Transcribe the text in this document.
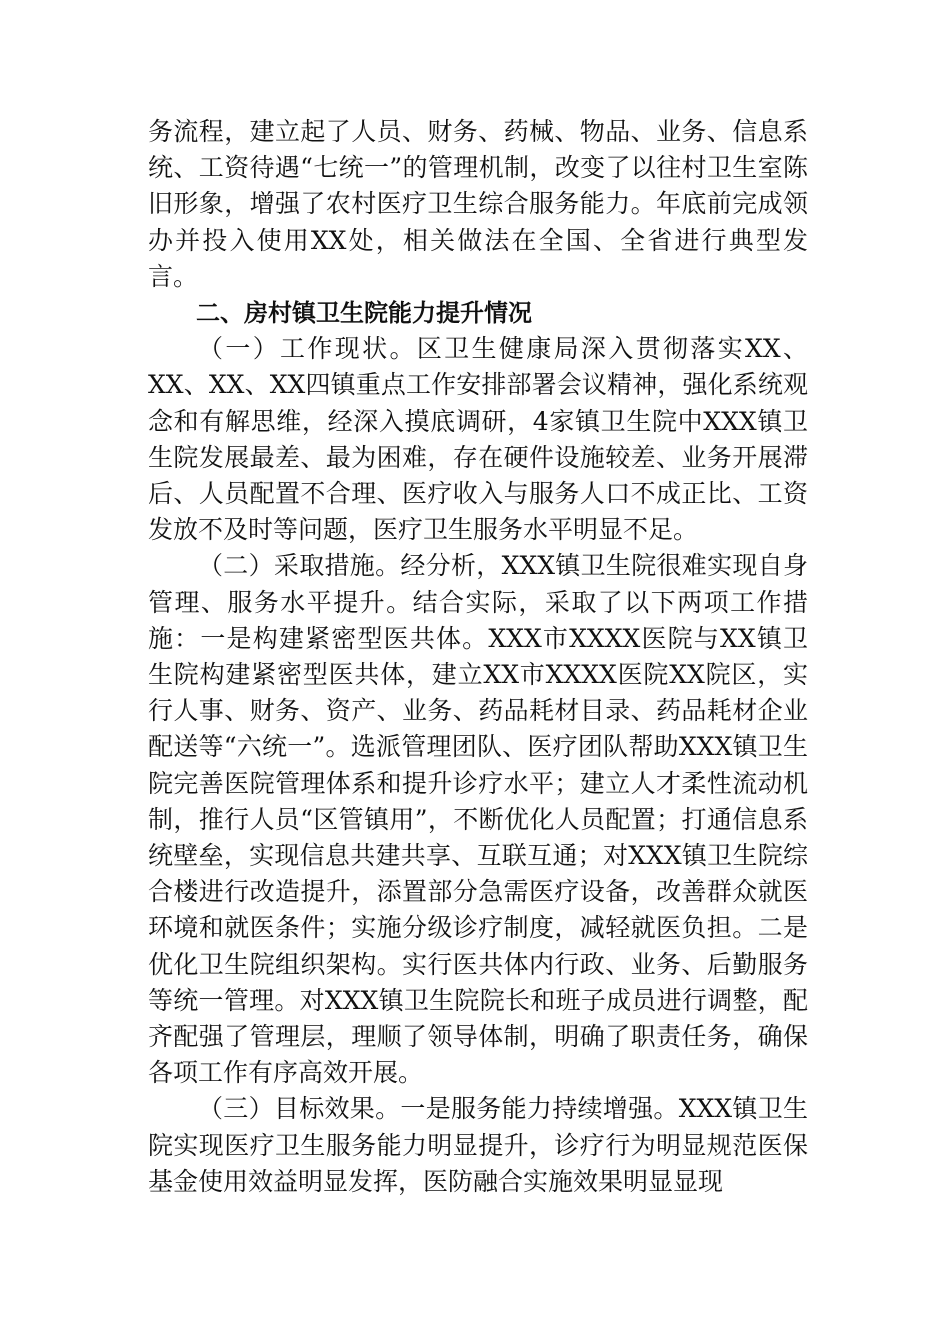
务流程，建立起了人员、财务、药械、物品、业务、信息系统、工资待遇“七统一”的管理机制，改变了以往村卫生室陈旧形象，增强了农村医疗卫生综合服务能力。年底前完成领办并投入使用XX处，相关做法在全国、全省进行典型发言。

二、房村镇卫生院能力提升情况

（一）工作现状。区卫生健康局深入贯彻落实XX、XX、XX、XX四镇重点工作安排部署会议精神，强化系统观念和有解思维，经深入摸底调研，4家镇卫生院中XXX镇卫生院发展最差、最为困难，存在硬件设施较差、业务开展滞后、人员配置不合理、医疗收入与服务人口不成正比、工资发放不及时等问题，医疗卫生服务水平明显不足。

（二）采取措施。经分析，XXX镇卫生院很难实现自身管理、服务水平提升。结合实际，采取了以下两项工作措施：一是构建紧密型医共体。XXX市XXXX医院与XX镇卫生院构建紧密型医共体，建立XX市XXXX医院XX院区，实行人事、财务、资产、业务、药品耗材目录、药品耗材企业配送等“六统一”。选派管理团队、医疗团队帮助XXX镇卫生院完善医院管理体系和提升诊疗水平；建立人才柔性流动机制，推行人员“区管镇用”，不断优化人员配置；打通信息系统壁垒，实现信息共建共享、互联互通；对XXX镇卫生院综合楼进行改造提升，添置部分急需医疗设备，改善群众就医环境和就医条件；实施分级诊疗制度，减轻就医负担。二是优化卫生院组织架构。实行医共体内行政、业务、后勤服务等统一管理。对XXX镇卫生院院长和班子成员进行调整，配齐配强了管理层，理顺了领导体制，明确了职责任务，确保各项工作有序高效开展。

（三）目标效果。一是服务能力持续增强。XXX镇卫生院实现医疗卫生服务能力明显提升，诊疗行为明显规范医保基金使用效益明显发挥，医防融合实施效果明显显现
